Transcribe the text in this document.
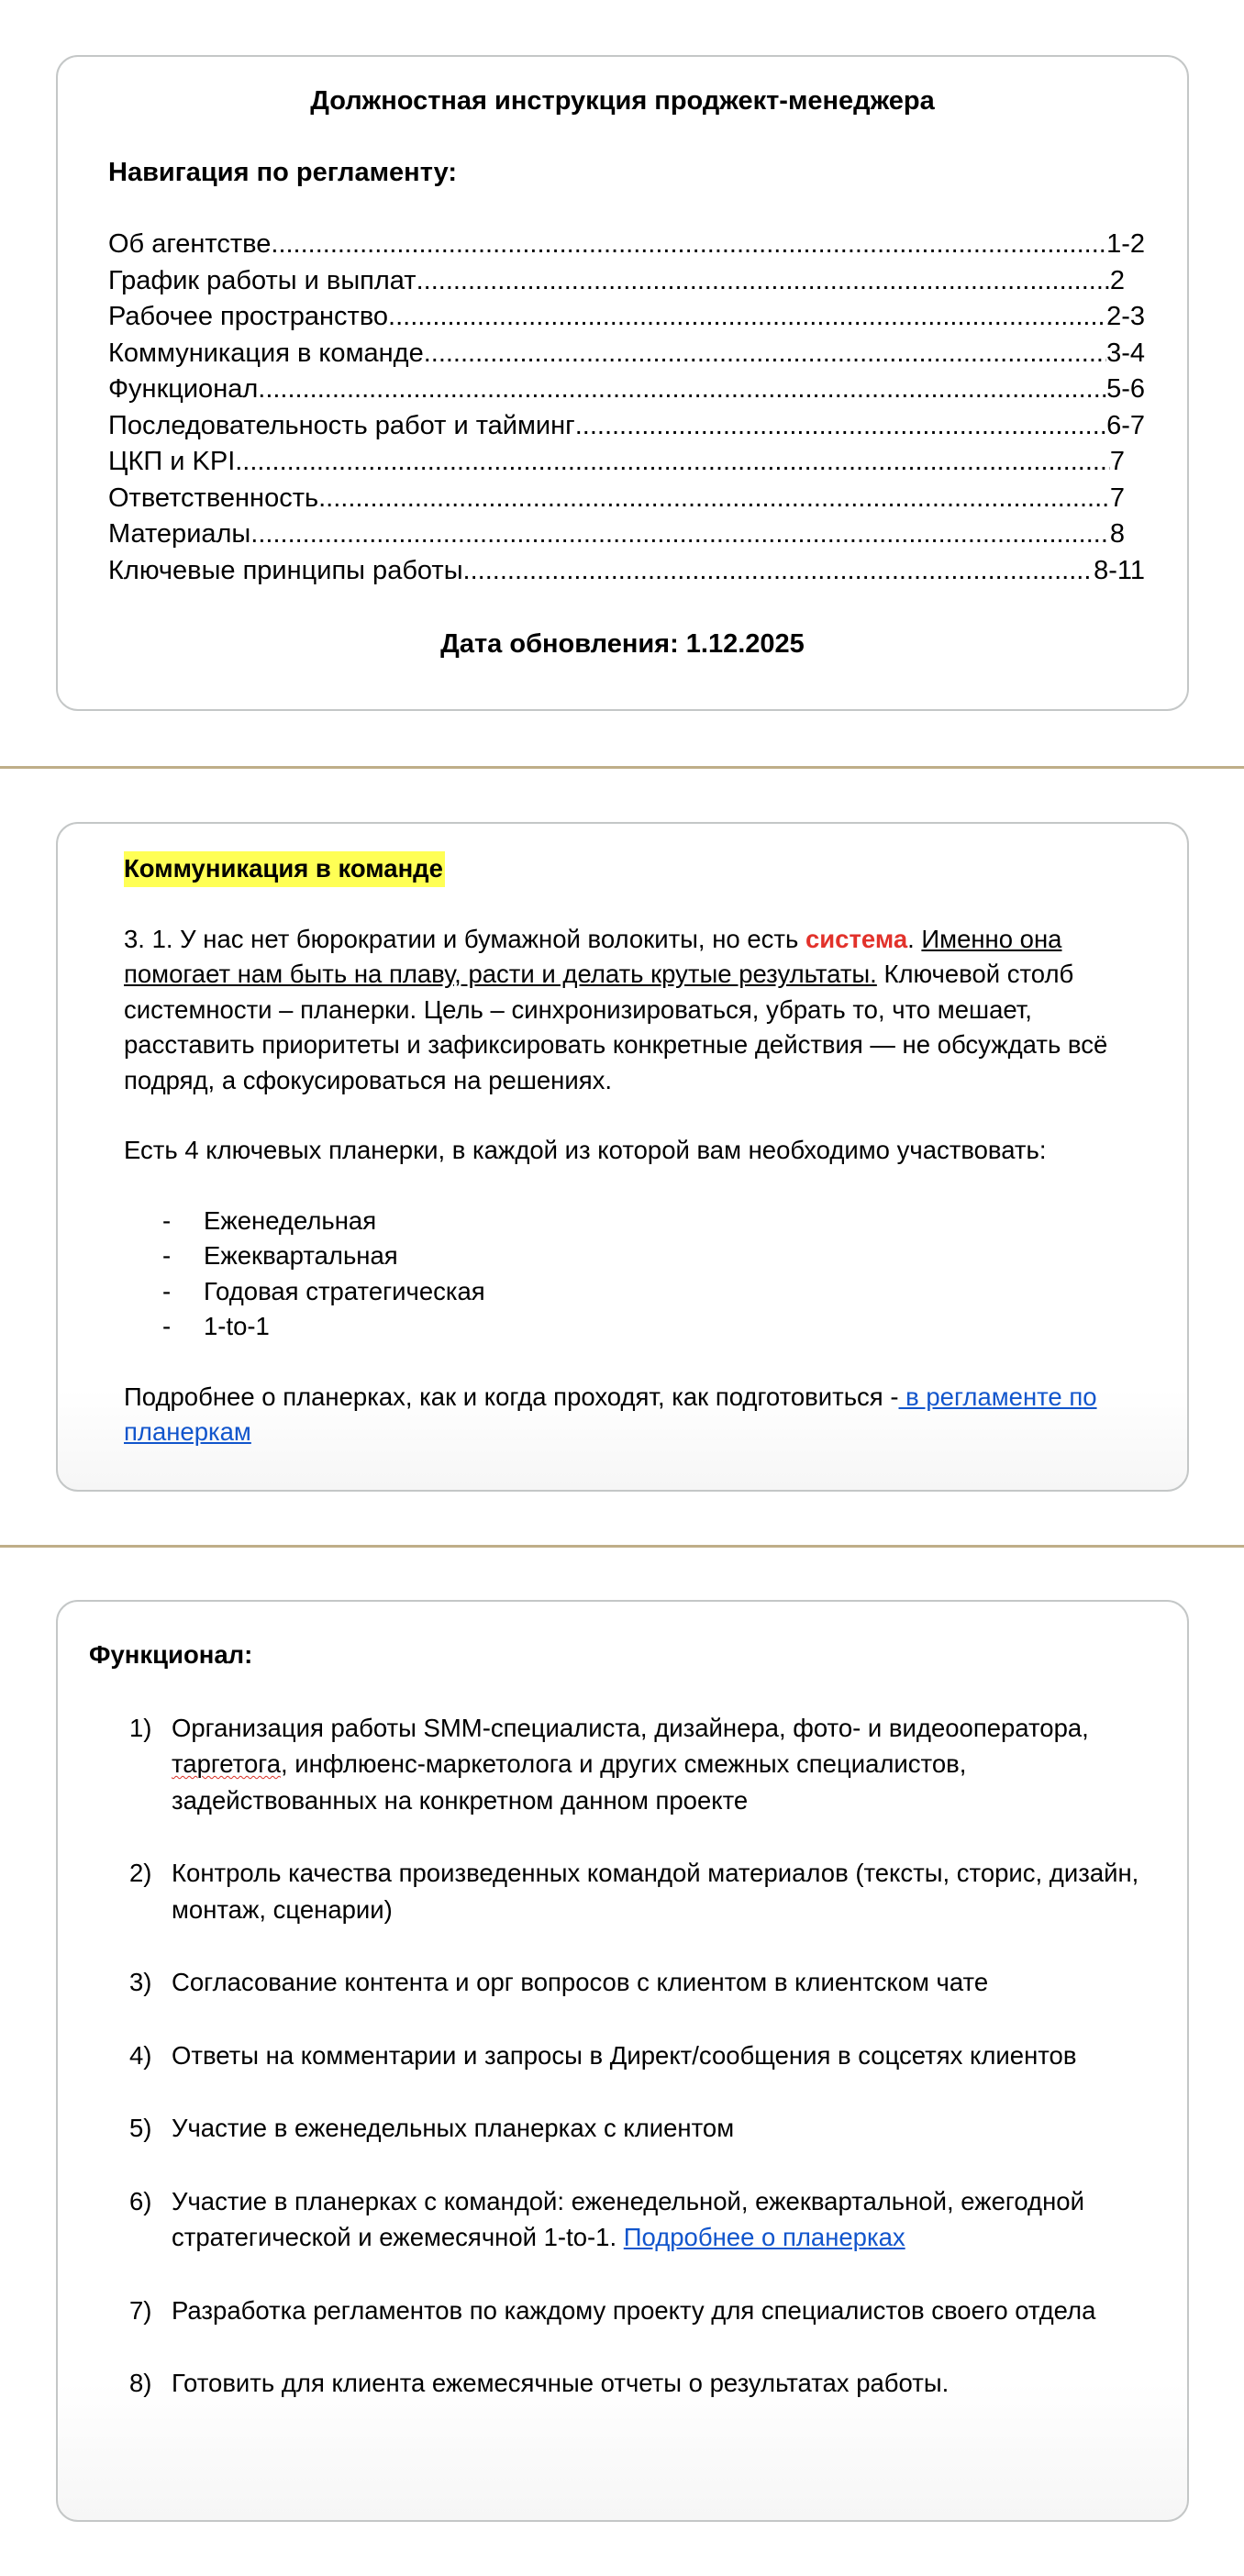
Должностная инструкция проджект-менеджера
Навигация по регламенту:
Об агентстве .....	1-2
График работы и выплат .....	2
Рабочее пространство .....	2-3
Коммуникация в команде .....	3-4
Функционал .....	5-6
Последовательность работ и тайминг .....	6-7
ЦКП и KPI .....	7
Ответственность .....	7
Материалы .....	8
Ключевые принципы работы .....	8-11
Дата обновления: 1.12.2025

Коммуникация в команде

3. 1. У нас нет бюрократии и бумажной волокиты, но есть система. Именно она помогает нам быть на плаву, расти и делать крутые результаты. Ключевой столб системности – планерки. Цель – синхронизироваться, убрать то, что мешает, расставить приоритеты и зафиксировать конкретные действия — не обсуждать всё подряд, а сфокусироваться на решениях.

Есть 4 ключевых планерки, в каждой из которой вам необходимо участвовать:

-	Еженедельная
-	Ежеквартальная
-	Годовая стратегическая
-	1-to-1

Подробнее о планерках, как и когда проходят, как подготовиться - в регламенте по планеркам

Функционал:
1) Организация работы SMM-специалиста, дизайнера, фото- и видеооператора, таргетога, инфлюенс-маркетолога и других смежных специалистов, задействованных на конкретном данном проекте
2) Контроль качества произведенных командой материалов (тексты, сторис, дизайн, монтаж, сценарии)
3) Согласование контента и орг вопросов с клиентом в клиентском чате
4) Ответы на комментарии и запросы в Директ/сообщения в соцсетях клиентов
5) Участие в еженедельных планерках с клиентом
6) Участие в планерках с командой: еженедельной, ежеквартальной, ежегодной стратегической и ежемесячной 1-to-1. Подробнее о планерках
7) Разработка регламентов по каждому проекту для специалистов своего отдела
8) Готовить для клиента ежемесячные отчеты о результатах работы.
